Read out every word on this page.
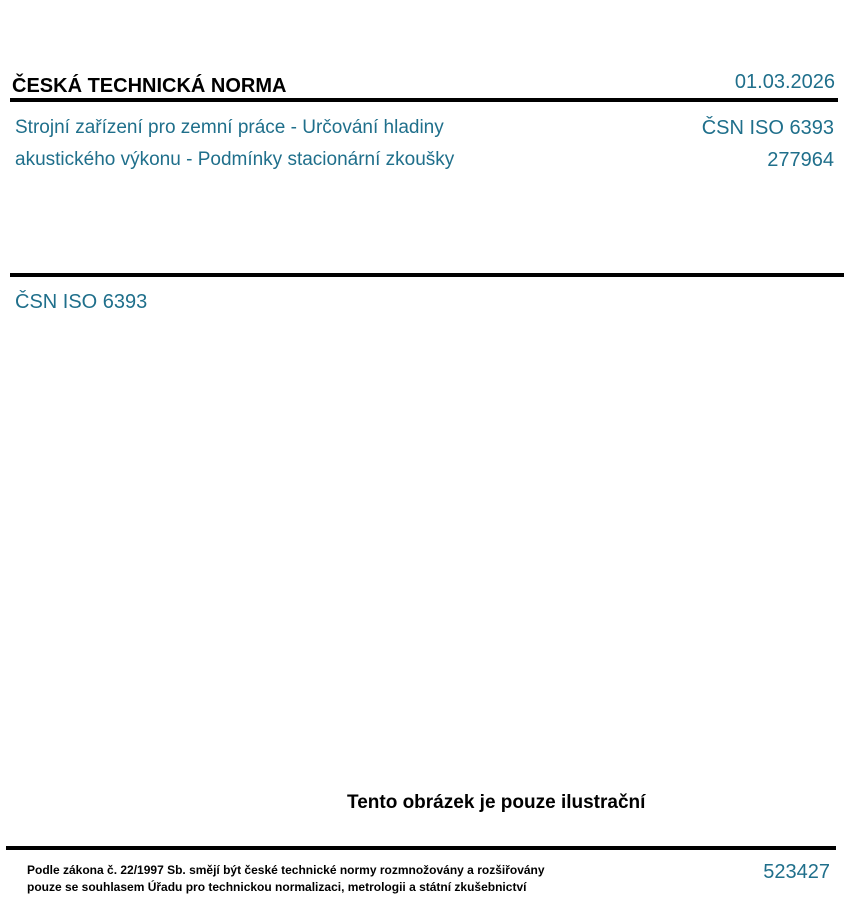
ČESKÁ TECHNICKÁ NORMA	01.03.2026
Strojní zařízení pro zemní práce - Určování hladiny
akustického výkonu - Podmínky stacionární zkoušky
ČSN ISO 6393
277964
ČSN ISO 6393
Tento obrázek je pouze ilustrační
Podle zákona č. 22/1997 Sb. smějí být české technické normy rozmnožovány a rozšiřovány
pouze se souhlasem Úřadu pro technickou normalizaci, metrologii a státní zkušebnictví
523427
